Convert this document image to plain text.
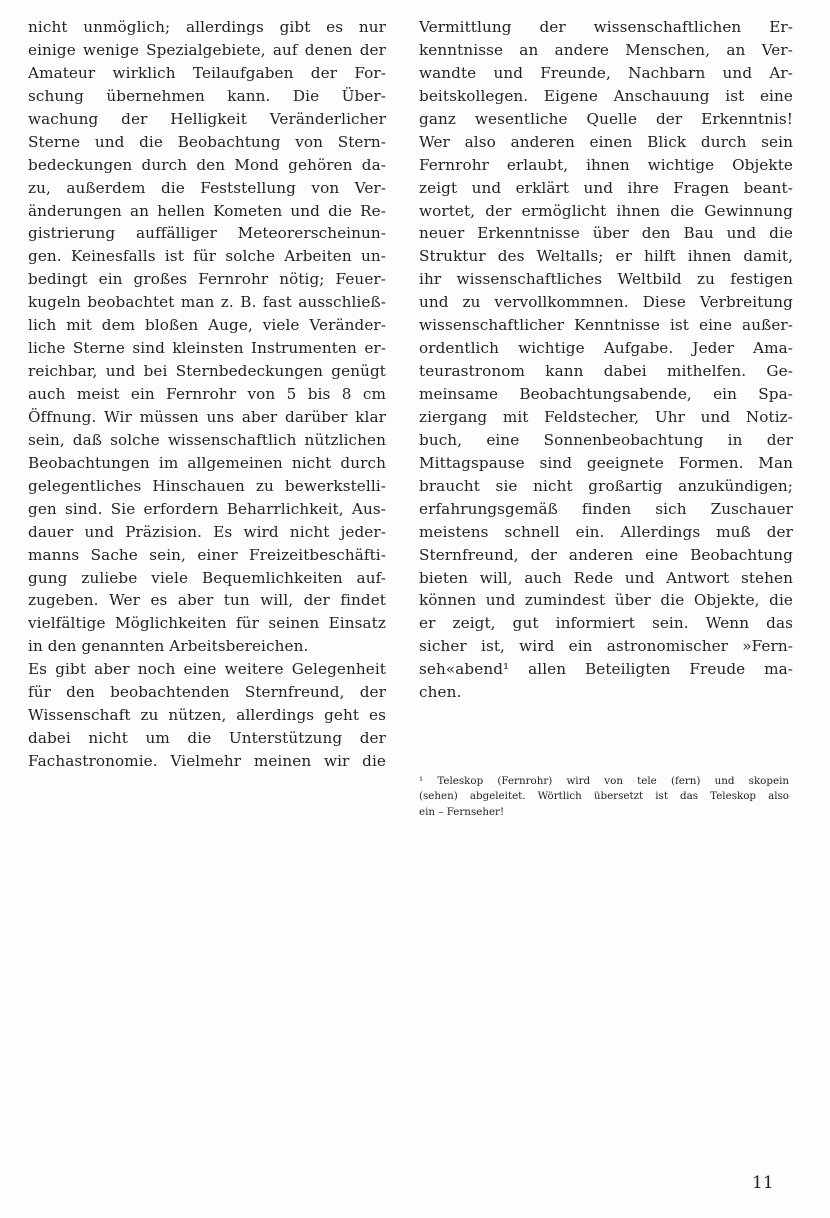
nicht unmöglich; allerdings gibt es nur
einige wenige Spezialgebiete, auf denen der
Amateur wirklich Teilaufgaben der For-
schung übernehmen kann. Die Über-
wachung der Helligkeit Veränderlicher
Sterne und die Beobachtung von Stern-
bedeckungen durch den Mond gehören da-
zu, außerdem die Feststellung von Ver-
änderungen an hellen Kometen und die Re-
gistrierung auffälliger Meteorerscheinun-
gen. Keinesfalls ist für solche Arbeiten un-
bedingt ein großes Fernrohr nötig; Feuer-
kugeln beobachtet man z. B. fast ausschließ-
lich mit dem bloßen Auge, viele Veränder-
liche Sterne sind kleinsten Instrumenten er-
reichbar, und bei Sternbedeckungen genügt
auch meist ein Fernrohr von 5 bis 8 cm
Öffnung. Wir müssen uns aber darüber klar
sein, daß solche wissenschaftlich nützlichen
Beobachtungen im allgemeinen nicht durch
gelegentliches Hinschauen zu bewerkstelli-
gen sind. Sie erfordern Beharrlichkeit, Aus-
dauer und Präzision. Es wird nicht jeder-
manns Sache sein, einer Freizeitbeschäfti-
gung zuliebe viele Bequemlichkeiten auf-
zugeben. Wer es aber tun will, der findet
vielfältige Möglichkeiten für seinen Einsatz
in den genannten Arbeitsbereichen.
Es gibt aber noch eine weitere Gelegenheit
für den beobachtenden Sternfreund, der
Wissenschaft zu nützen, allerdings geht es
dabei nicht um die Unterstützung der
Fachastronomie. Vielmehr meinen wir die
Vermittlung der wissenschaftlichen Er-
kenntnisse an andere Menschen, an Ver-
wandte und Freunde, Nachbarn und Ar-
beitskollegen. Eigene Anschauung ist eine
ganz wesentliche Quelle der Erkenntnis!
Wer also anderen einen Blick durch sein
Fernrohr erlaubt, ihnen wichtige Objekte
zeigt und erklärt und ihre Fragen beant-
wortet, der ermöglicht ihnen die Gewinnung
neuer Erkenntnisse über den Bau und die
Struktur des Weltalls; er hilft ihnen damit,
ihr wissenschaftliches Weltbild zu festigen
und zu vervollkommnen. Diese Verbreitung
wissenschaftlicher Kenntnisse ist eine außer-
ordentlich wichtige Aufgabe. Jeder Ama-
teurastronom kann dabei mithelfen. Ge-
meinsame Beobachtungsabende, ein Spa-
ziergang mit Feldstecher, Uhr und Notiz-
buch, eine Sonnenbeobachtung in der
Mittagspause sind geeignete Formen. Man
braucht sie nicht großartig anzukündigen;
erfahrungsgemäß finden sich Zuschauer
meistens schnell ein. Allerdings muß der
Sternfreund, der anderen eine Beobachtung
bieten will, auch Rede und Antwort stehen
können und zumindest über die Objekte, die
er zeigt, gut informiert sein. Wenn das
sicher ist, wird ein astronomischer »Fern-
seh«abend¹ allen Beteiligten Freude ma-
chen.
¹ Teleskop (Fernrohr) wird von tele (fern) und skopein
(sehen) abgeleitet. Wörtlich übersetzt ist das Teleskop also
ein – Fernseher!
11
